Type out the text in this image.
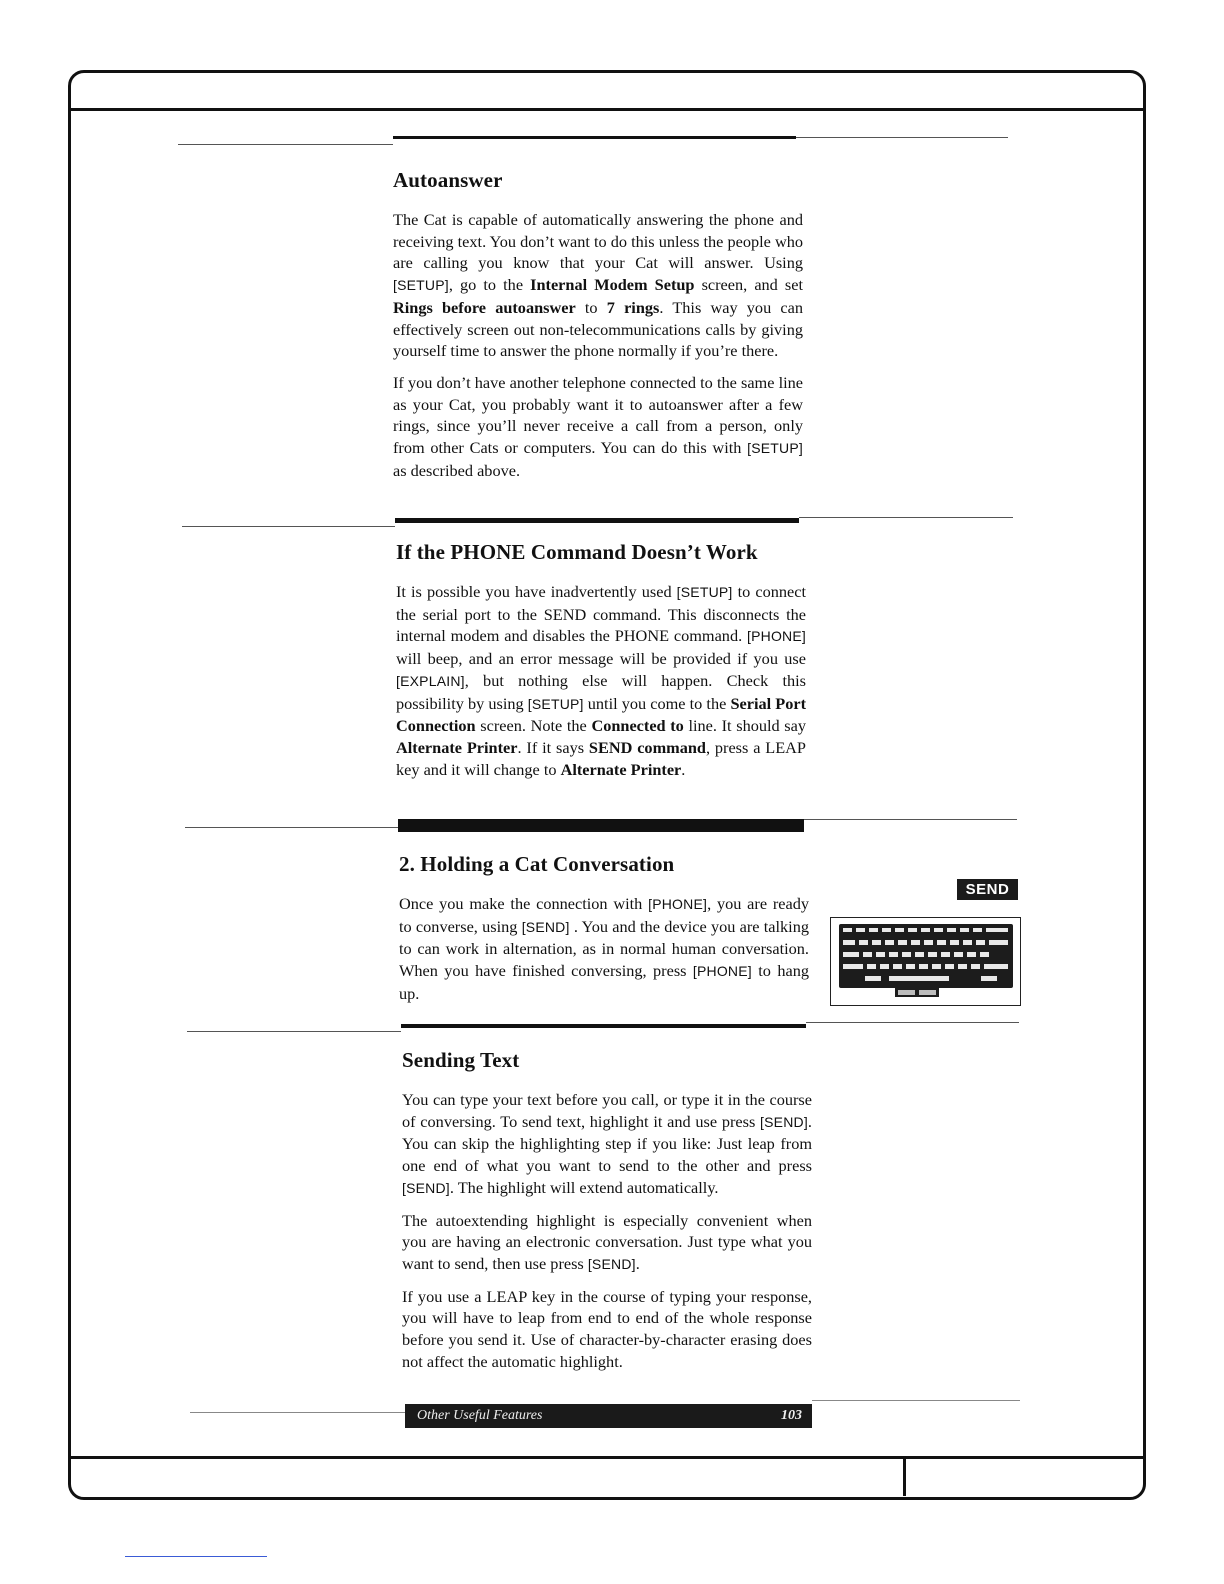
Autoanswer

The Cat is capable of automatically answering the phone and receiving text. You don’t want to do this unless the people who are calling you know that your Cat will answer. Using [SETUP], go to the Internal Modem Setup screen, and set Rings before autoanswer to 7 rings. This way you can effectively screen out non-telecommunications calls by giving yourself time to answer the phone normally if you’re there.

If you don’t have another telephone connected to the same line as your Cat, you probably want it to autoanswer after a few rings, since you’ll never receive a call from a person, only from other Cats or computers. You can do this with [SETUP] as described above.

If the PHONE Command Doesn’t Work

It is possible you have inadvertently used [SETUP] to connect the serial port to the SEND command. This disconnects the internal modem and disables the PHONE command. [PHONE] will beep, and an error message will be provided if you use [EXPLAIN], but nothing else will happen. Check this possibility by using [SETUP] until you come to the Serial Port Connection screen. Note the Connected to line. It should say Alternate Printer. If it says SEND command, press a LEAP key and it will change to Alternate Printer.

2. Holding a Cat Conversation

Once you make the connection with [PHONE], you are ready to converse, using [SEND] . You and the device you are talking to can work in alternation, as in normal human conversation. When you have finished conversing, press [PHONE] to hang up.

SEND
Sending Text

You can type your text before you call, or type it in the course of conversing. To send text, highlight it and use press [SEND]. You can skip the highlighting step if you like: Just leap from one end of what you want to send to the other and press [SEND]. The highlight will extend automatically.

The autoextending highlight is especially convenient when you are having an electronic conversation. Just type what you want to send, then use press [SEND].

If you use a LEAP key in the course of typing your response, you will have to leap from end to end of the whole response before you send it. Use of character-by-character erasing does not affect the automatic highlight.

Other Useful Features	103
